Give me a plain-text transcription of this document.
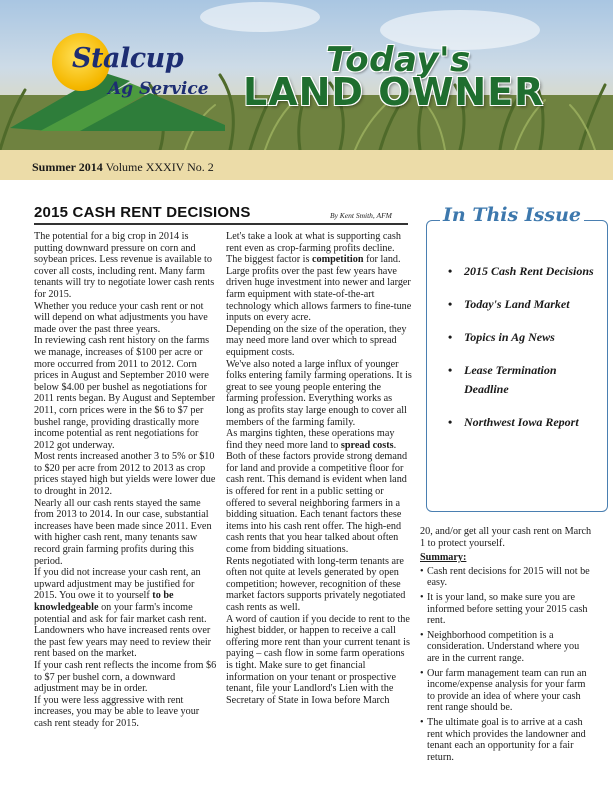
Stalcup
Ag Service
Today's
LAND OWNER
Summer 2014 Volume XXXIV No. 2
2015 CASH RENT DECISIONS	By Kent Smith, AFM

The potential for a big crop in 2014 is putting downward pressure on corn and soybean prices. Less revenue is available to cover all costs, including rent. Many farm tenants will try to negotiate lower cash rents for 2015.

Whether you reduce your cash rent or not will depend on what adjustments you have made over the past three years.

In reviewing cash rent history on the farms we manage, increases of $100 per acre or more occurred from 2011 to 2012. Corn prices in August and September 2010 were below $4.00 per bushel as negotiations for 2011 rents began. By August and September 2011, corn prices were in the $6 to $7 per bushel range, providing drastically more income potential as rent negotiations for 2012 got underway.

Most rents increased another 3 to 5% or $10 to $20 per acre from 2012 to 2013 as crop prices stayed high but yields were lower due to drought in 2012.

Nearly all our cash rents stayed the same from 2013 to 2014. In our case, substantial increases have been made since 2011. Even with higher cash rent, many tenants saw record grain farming profits during this period.

If you did not increase your cash rent, an upward adjustment may be justified for 2015. You owe it to yourself to be knowledgeable on your farm's income potential and ask for fair market cash rent.

Landowners who have increased rents over the past few years may need to review their rent based on the market.

If your cash rent reflects the income from $6 to $7 per bushel corn, a downward adjustment may be in order.

If you were less aggressive with rent increases, you may be able to leave your cash rent steady for 2015.

Let's take a look at what is supporting cash rent even as crop-farming profits decline. The biggest factor is competition for land. Large profits over the past few years have driven huge investment into newer and larger farm equipment with state-of-the-art technology which allows farmers to fine-tune inputs on every acre.

Depending on the size of the operation, they may need more land over which to spread equipment costs.

We've also noted a large influx of younger folks entering family farming operations. It is great to see young people entering the farming profession. Everything works as long as profits stay large enough to cover all members of the farming family.

As margins tighten, these operations may find they need more land to spread costs.

Both of these factors provide strong demand for land and provide a competitive floor for cash rent. This demand is evident when land is offered for rent in a public setting or offered to several neighboring farmers in a bidding situation. Each tenant factors these items into his cash rent offer. The high-end cash rents that you hear talked about often come from bidding situations.

Rents negotiated with long-term tenants are often not quite at levels generated by open competition; however, recognition of these market factors supports privately negotiated cash rents as well.

A word of caution if you decide to rent to the highest bidder, or happen to receive a call offering more rent than your current tenant is paying – cash flow in some farm operations is tight. Make sure to get financial information on your tenant or prospective tenant, file your Landlord's Lien with the Secretary of State in Iowa before March

In This Issue
• 2015 Cash Rent Decisions
• Today's Land Market
• Topics in Ag News
• Lease Termination Deadline
• Northwest Iowa Report

20, and/or get all your cash rent on March 1 to protect yourself.

Summary:

• Cash rent decisions for 2015 will not be easy.
• It is your land, so make sure you are informed before setting your 2015 cash rent.
• Neighborhood competition is a consideration. Understand where you are in the current range.
• Our farm management team can run an income/expense analysis for your farm to provide an idea of where your cash rent range should be.
• The ultimate goal is to arrive at a cash rent which provides the landowner and tenant each an opportunity for a fair return.
